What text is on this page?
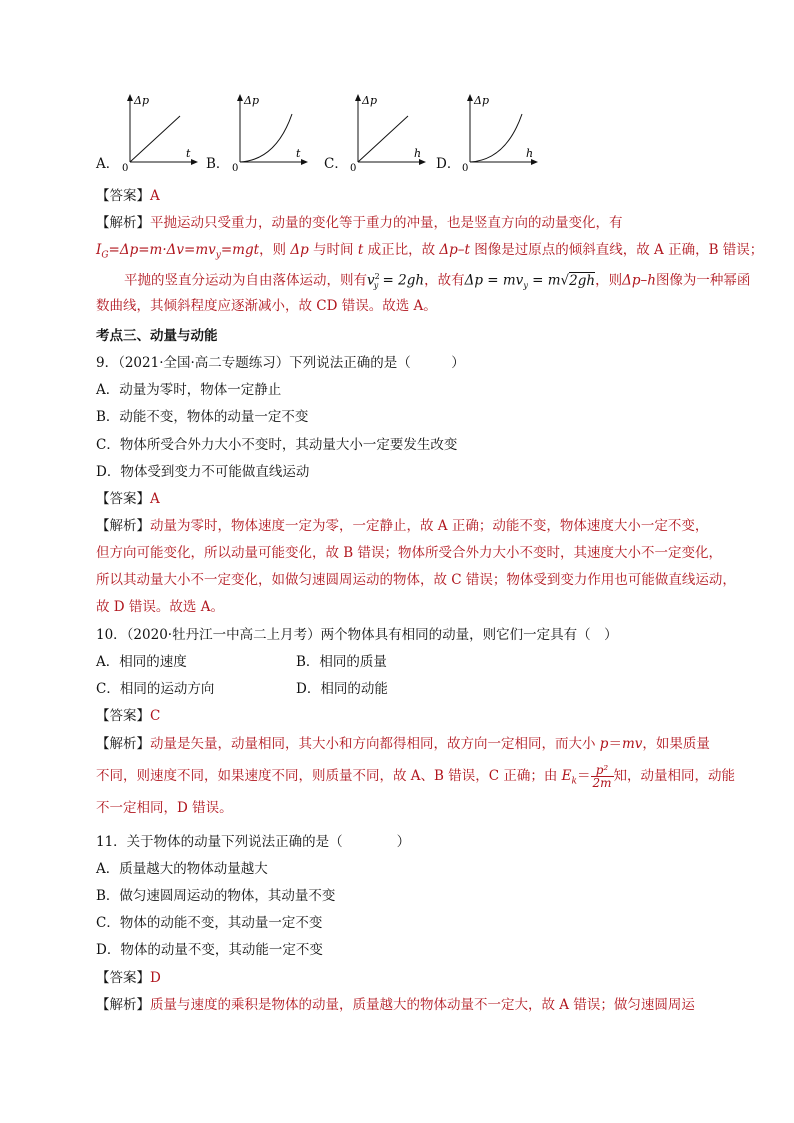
A．
Δp
t
0	B．
Δp
t
0	C．
Δp
h
0	D．
Δp
h
0
【答案】A
【解析】平抛运动只受重力，动量的变化等于重力的冲量，也是竖直方向的动量变化，有
$I_G=\Delta p=m\cdot\Delta v=mv_y=mgt$，则 Δp 与时间 t 成正比，故 Δp–t 图像是过原点的倾斜直线，故 A 正确，B 错误；
平抛的竖直分运动为自由落体运动，则有$v^2_y = 2gh$，故有$\Delta p = mv_y = m√2gh$，则Δp–h图像为一种幂函
数曲线，其倾斜程度应逐渐减小，故 CD 错误。故选 A。
考点三、动量与动能
9．（2021·全国·高二专题练习）下列说法正确的是（　　　）
A．动量为零时，物体一定静止
B．动能不变，物体的动量一定不变
C．物体所受合外力大小不变时，其动量大小一定要发生改变
D．物体受到变力不可能做直线运动
【答案】A
【解析】动量为零时，物体速度一定为零，一定静止，故 A 正确；动能不变，物体速度大小一定不变，
但方向可能变化，所以动量可能变化，故 B 错误；物体所受合外力大小不变时，其速度大小不一定变化，
所以其动量大小不一定变化，如做匀速圆周运动的物体，故 C 错误；物体受到变力作用也可能做直线运动，
故 D 错误。故选 A。
10．（2020·牡丹江一中高二上月考）两个物体具有相同的动量，则它们一定具有（　）
A．相同的速度	B．相同的质量
C．相同的运动方向	D．相同的动能
【答案】C
【解析】动量是矢量，动量相同，其大小和方向都得相同，故方向一定相同，而大小 p＝mv，如果质量
不同，则速度不同，如果速度不同，则质量不同，故 A、B 错误，C 正确；由 $E_k= \frac{\text{p²}}{2m}$ 知，动量相同，动能
不一定相同，D 错误。
11．关于物体的动量下列说法正确的是（　　　　）
A．质量越大的物体动量越大
B．做匀速圆周运动的物体，其动量不变
C．物体的动能不变，其动量一定不变
D．物体的动量不变，其动能一定不变
【答案】D
【解析】质量与速度的乘积是物体的动量，质量越大的物体动量不一定大，故 A 错误；做匀速圆周运
